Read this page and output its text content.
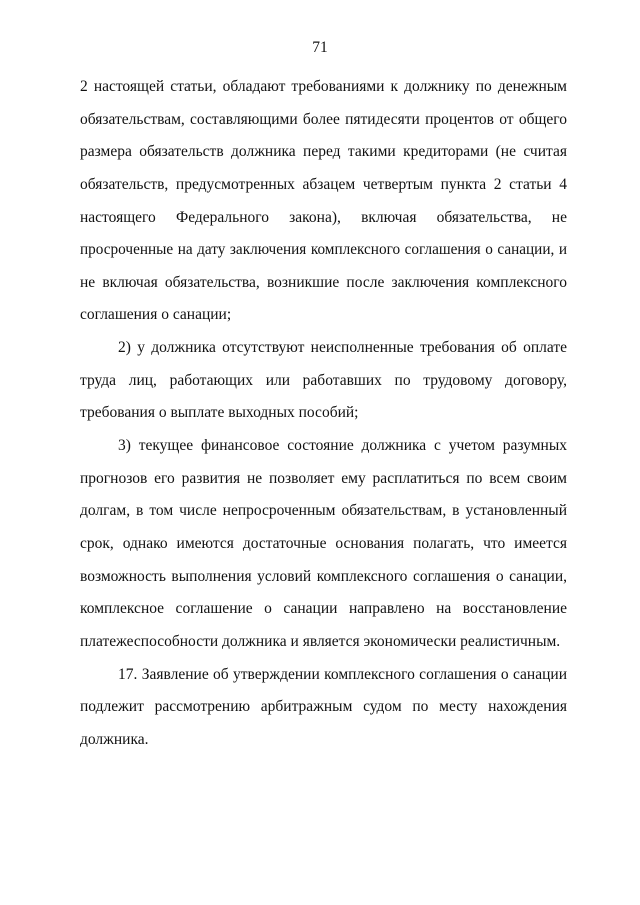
71
2 настоящей статьи, обладают требованиями к должнику по денежным
обязательствам, составляющими более пятидесяти процентов от общего
размера обязательств должника перед такими кредиторами (не считая
обязательств, предусмотренных абзацем четвертым пункта 2 статьи 4
настоящего Федерального закона), включая обязательства, не
просроченные на дату заключения комплексного соглашения о санации, и
не включая обязательства, возникшие после заключения комплексного
соглашения о санации;
2) у должника отсутствуют неисполненные требования об оплате
труда лиц, работающих или работавших по трудовому договору,
требования о выплате выходных пособий;
3) текущее финансовое состояние должника с учетом разумных
прогнозов его развития не позволяет ему расплатиться по всем своим
долгам, в том числе непросроченным обязательствам, в установленный
срок, однако имеются достаточные основания полагать, что имеется
возможность выполнения условий комплексного соглашения о санации,
комплексное соглашение о санации направлено на восстановление
платежеспособности должника и является экономически реалистичным.
17. Заявление об утверждении комплексного соглашения о санации
подлежит рассмотрению арбитражным судом по месту нахождения
должника.
